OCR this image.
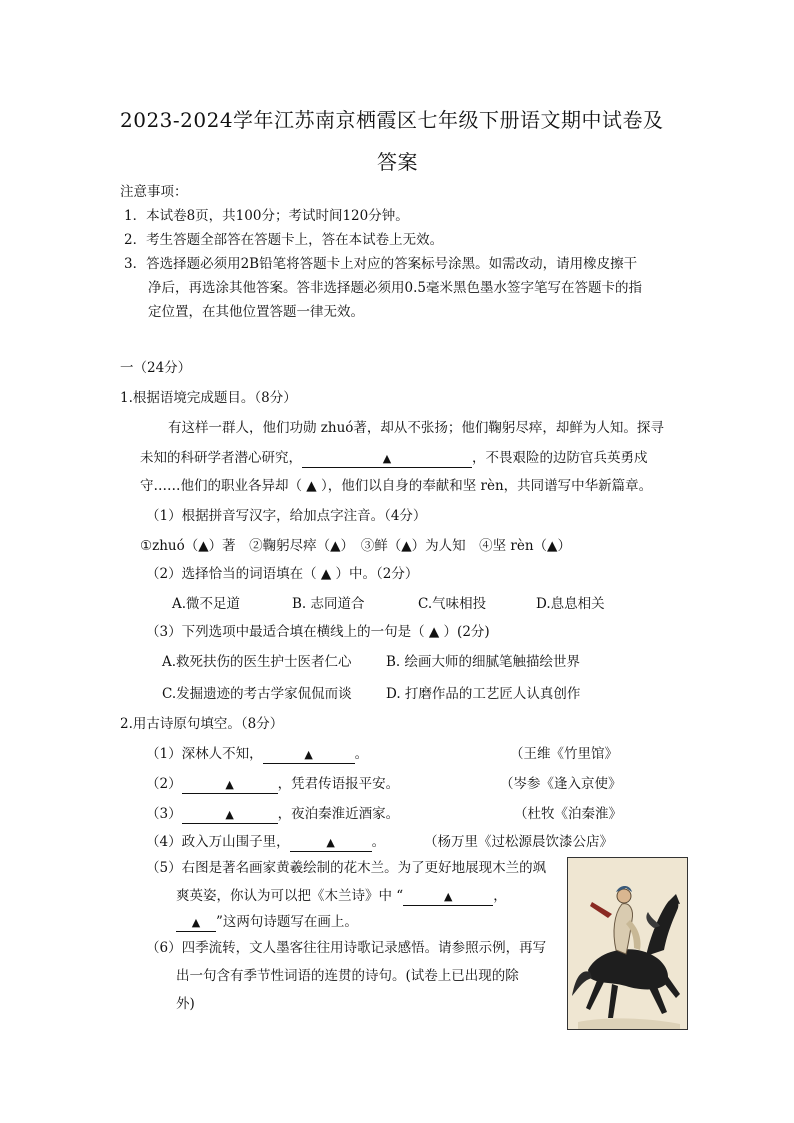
2023-2024学年江苏南京栖霞区七年级下册语文期中试卷及
答案
注意事项：
1．本试卷8页，共100分；考试时间120分钟。
2．考生答题全部答在答题卡上，答在本试卷上无效。
3．答选择题必须用2B铅笔将答题卡上对应的答案标号涂黑。如需改动，请用橡皮擦干
净后，再选涂其他答案。答非选择题必须用0.5毫米黑色墨水签字笔写在答题卡的指
定位置，在其他位置答题一律无效。
一（24分）
1.根据语境完成题目。（8分）
有这样一群人，他们功勋 zhuó著，却从不张扬；他们鞠躬尽瘁，却鲜为人知。探寻
未知的科研学者潜心研究，	▲	，不畏艰险的边防官兵英勇戍
守……他们的职业各异却（ ▲ ），他们以自身的奉献和坚 rèn，共同谱写中华新篇章。
（1）根据拼音写汉字，给加点字注音。（4分）
①zhuó（▲）著　②鞠躬尽瘁（▲）　③鲜（▲）为人知　④坚 rèn（▲）
（2）选择恰当的词语填在（ ▲ ）中。（2分）
A.微不足道	B. 志同道合	C.气味相投	D.息息相关
（3）下列选项中最适合填在横线上的一句是（ ▲ ）(2分)
A.救死扶伤的医生护士医者仁心	B. 绘画大师的细腻笔触描绘世界
C.发掘遗迹的考古学家侃侃而谈	D. 打磨作品的工艺匠人认真创作
2.用古诗原句填空。（8分）
（1）深林人不知，	▲	。	（王维《竹里馆》
（2）	▲	，凭君传语报平安。	（岑参《逢入京使》
（3）	▲	，夜泊秦淮近酒家。	（杜牧《泊秦淮》
（4）政入万山围子里，	▲	。	（杨万里《过松源晨饮漆公店》
（5）右图是著名画家黄羲绘制的花木兰。为了更好地展现木兰的飒
爽英姿，你认为可以把《木兰诗》中 “	▲	，
▲ ”这两句诗题写在画上。
（6）四季流转，文人墨客往往用诗歌记录感悟。请参照示例，再写
出一句含有季节性词语的连贯的诗句。(试卷上已出现的除
外)
